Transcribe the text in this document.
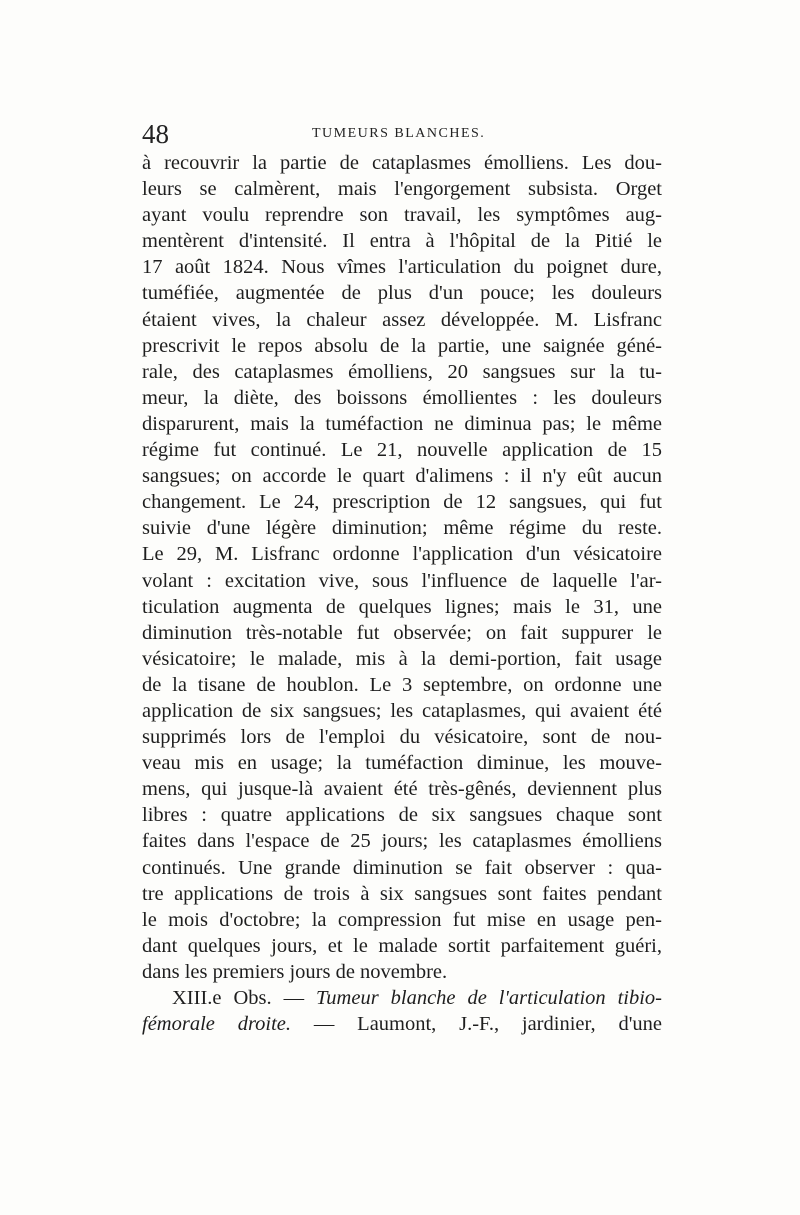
48	TUMEURS BLANCHES.
à recouvrir la partie de cataplasmes émolliens. Les dou-
leurs se calmèrent, mais l'engorgement subsista. Orget
ayant voulu reprendre son travail, les symptômes aug-
mentèrent d'intensité. Il entra à l'hôpital de la Pitié le
17 août 1824. Nous vîmes l'articulation du poignet dure,
tuméfiée, augmentée de plus d'un pouce; les douleurs
étaient vives, la chaleur assez développée. M. Lisfranc
prescrivit le repos absolu de la partie, une saignée géné-
rale, des cataplasmes émolliens, 20 sangsues sur la tu-
meur, la diète, des boissons émollientes : les douleurs
disparurent, mais la tuméfaction ne diminua pas; le même
régime fut continué. Le 21, nouvelle application de 15
sangsues; on accorde le quart d'alimens : il n'y eût aucun
changement. Le 24, prescription de 12 sangsues, qui fut
suivie d'une légère diminution; même régime du reste.
Le 29, M. Lisfranc ordonne l'application d'un vésicatoire
volant : excitation vive, sous l'influence de laquelle l'ar-
ticulation augmenta de quelques lignes; mais le 31, une
diminution très-notable fut observée; on fait suppurer le
vésicatoire; le malade, mis à la demi-portion, fait usage
de la tisane de houblon. Le 3 septembre, on ordonne une
application de six sangsues; les cataplasmes, qui avaient été
supprimés lors de l'emploi du vésicatoire, sont de nou-
veau mis en usage; la tuméfaction diminue, les mouve-
mens, qui jusque-là avaient été très-gênés, deviennent plus
libres : quatre applications de six sangsues chaque sont
faites dans l'espace de 25 jours; les cataplasmes émolliens
continués. Une grande diminution se fait observer : qua-
tre applications de trois à six sangsues sont faites pendant
le mois d'octobre; la compression fut mise en usage pen-
dant quelques jours, et le malade sortit parfaitement guéri,
dans les premiers jours de novembre.
XIII.e Obs. — Tumeur blanche de l'articulation tibio-
fémorale droite. — Laumont, J.-F., jardinier, d'une
